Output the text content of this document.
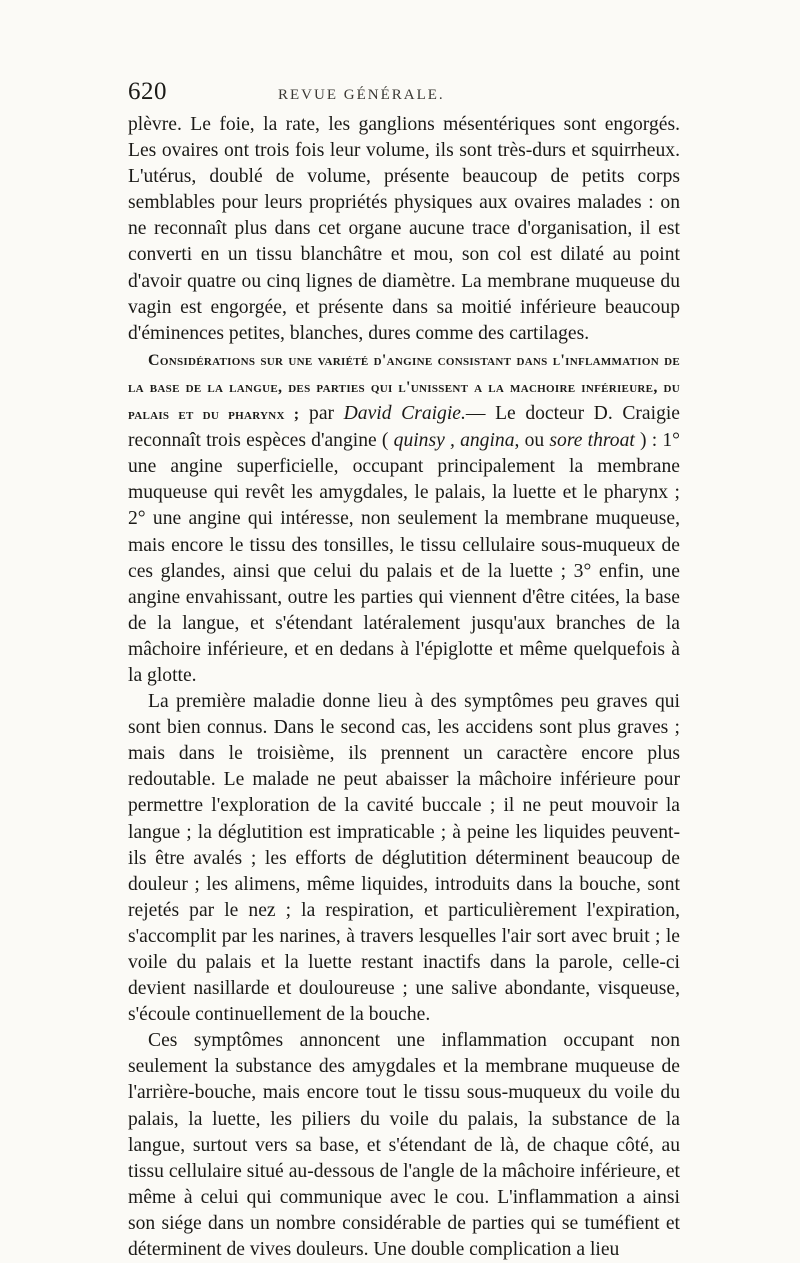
620	REVUE GÉNÉRALE.

plèvre. Le foie, la rate, les ganglions mésentériques sont engorgés. Les ovaires ont trois fois leur volume, ils sont très-durs et squirrheux. L'utérus, doublé de volume, présente beaucoup de petits corps semblables pour leurs propriétés physiques aux ovaires malades : on ne reconnaît plus dans cet organe aucune trace d'organisation, il est converti en un tissu blanchâtre et mou, son col est dilaté au point d'avoir quatre ou cinq lignes de diamètre. La membrane muqueuse du vagin est engorgée, et présente dans sa moitié inférieure beaucoup d'éminences petites, blanches, dures comme des cartilages.

Considérations sur une variété d'angine consistant dans l'inflammation de la base de la langue, des parties qui l'unissent a la machoire inférieure, du palais et du pharynx ; par David Craigie.— Le docteur D. Craigie reconnaît trois espèces d'angine ( quinsy , angina, ou sore throat ) : 1° une angine superficielle, occupant principalement la membrane muqueuse qui revêt les amygdales, le palais, la luette et le pharynx ; 2° une angine qui intéresse, non seulement la membrane muqueuse, mais encore le tissu des tonsilles, le tissu cellulaire sous-muqueux de ces glandes, ainsi que celui du palais et de la luette ; 3° enfin, une angine envahissant, outre les parties qui viennent d'être citées, la base de la langue, et s'étendant latéralement jusqu'aux branches de la mâchoire inférieure, et en dedans à l'épiglotte et même quelquefois à la glotte.

La première maladie donne lieu à des symptômes peu graves qui sont bien connus. Dans le second cas, les accidens sont plus graves ; mais dans le troisième, ils prennent un caractère encore plus redoutable. Le malade ne peut abaisser la mâchoire inférieure pour permettre l'exploration de la cavité buccale ; il ne peut mouvoir la langue ; la déglutition est impraticable ; à peine les liquides peuvent-ils être avalés ; les efforts de déglutition déterminent beaucoup de douleur ; les alimens, même liquides, introduits dans la bouche, sont rejetés par le nez ; la respiration, et particulièrement l'expiration, s'accomplit par les narines, à travers lesquelles l'air sort avec bruit ; le voile du palais et la luette restant inactifs dans la parole, celle-ci devient nasillarde et douloureuse ; une salive abondante, visqueuse, s'écoule continuellement de la bouche.

Ces symptômes annoncent une inflammation occupant non seulement la substance des amygdales et la membrane muqueuse de l'arrière-bouche, mais encore tout le tissu sous-muqueux du voile du palais, la luette, les piliers du voile du palais, la substance de la langue, surtout vers sa base, et s'étendant de là, de chaque côté, au tissu cellulaire situé au-dessous de l'angle de la mâchoire inférieure, et même à celui qui communique avec le cou. L'inflammation a ainsi son siége dans un nombre considérable de parties qui se tuméfient et déterminent de vives douleurs. Une double complication a lieu
